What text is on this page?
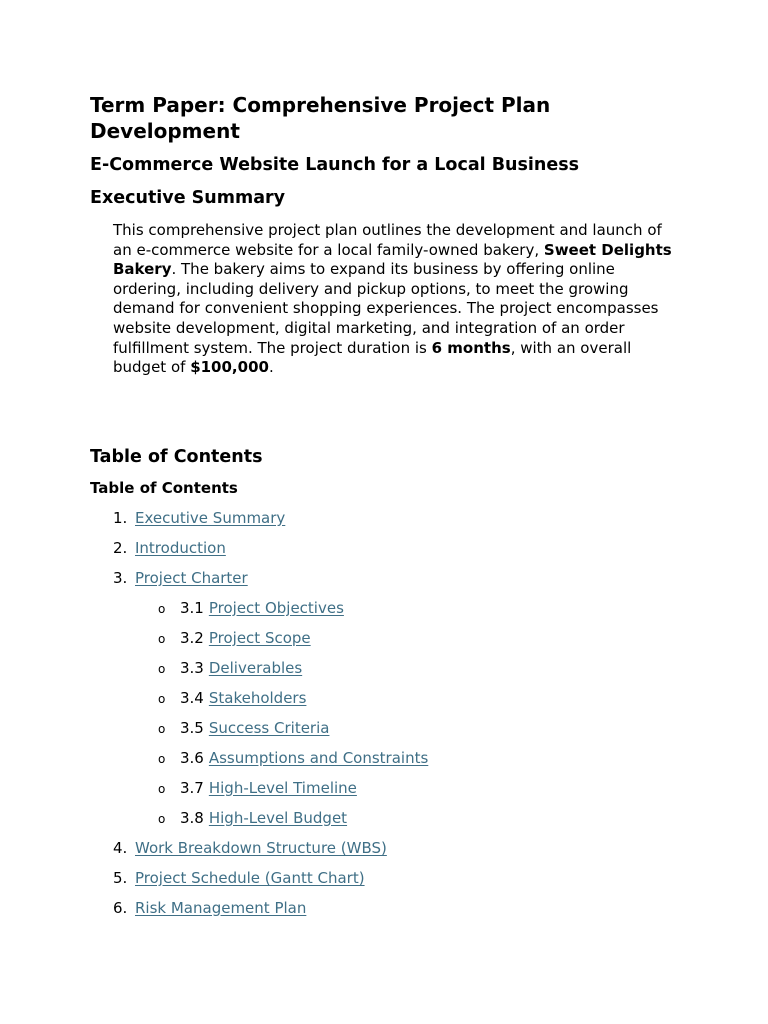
Term Paper: Comprehensive Project Plan Development
E-Commerce Website Launch for a Local Business
Executive Summary

This comprehensive project plan outlines the development and launch of an e-commerce website for a local family-owned bakery, Sweet Delights Bakery. The bakery aims to expand its business by offering online ordering, including delivery and pickup options, to meet the growing demand for convenient shopping experiences. The project encompasses website development, digital marketing, and integration of an order fulfillment system. The project duration is 6 months, with an overall budget of $100,000.

Table of Contents
Table of Contents
1. Executive Summary
2. Introduction
3. Project Charter
o 3.1 Project Objectives
o 3.2 Project Scope
o 3.3 Deliverables
o 3.4 Stakeholders
o 3.5 Success Criteria
o 3.6 Assumptions and Constraints
o 3.7 High-Level Timeline
o 3.8 High-Level Budget
4. Work Breakdown Structure (WBS)
5. Project Schedule (Gantt Chart)
6. Risk Management Plan
